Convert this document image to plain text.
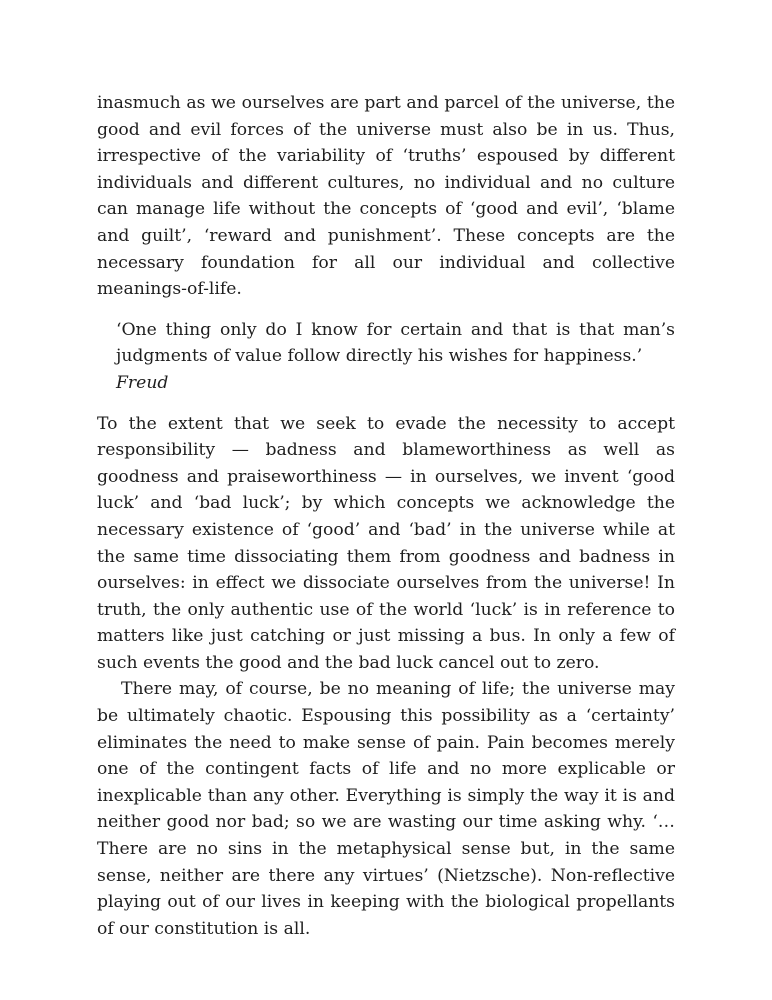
inasmuch as we ourselves are part and parcel of the universe, the good and evil forces of the universe must also be in us. Thus, irrespective of the variability of ‘truths’ espoused by different individuals and different cultures, no individual and no culture can manage life without the concepts of ‘good and evil’, ‘blame and guilt’, ‘reward and punishment’. These concepts are the necessary foundation for all our individual and collective meanings-of-life.

‘One thing only do I know for certain and that is that man’s judgments of value follow directly his wishes for happiness.’

Freud

To the extent that we seek to evade the necessity to accept responsibility — badness and blameworthiness as well as goodness and praiseworthiness — in ourselves, we invent ‘good luck’ and ‘bad luck’; by which concepts we acknowledge the necessary existence of ‘good’ and ‘bad’ in the universe while at the same time dissociating them from goodness and badness in ourselves: in effect we dissociate ourselves from the universe! In truth, the only authentic use of the world ‘luck’ is in reference to matters like just catching or just missing a bus. In only a few of such events the good and the bad luck cancel out to zero.

There may, of course, be no meaning of life; the universe may be ultimately chaotic. Espousing this possibility as a ‘certainty’ eliminates the need to make sense of pain. Pain becomes merely one of the contingent facts of life and no more explicable or inexplicable than any other. Everything is simply the way it is and neither good nor bad; so we are wasting our time asking why. ‘…There are no sins in the metaphysical sense but, in the same sense, neither are there any virtues’ (Nietzsche). Non-reflective playing out of our lives in keeping with the biological propellants of our constitution is all.
